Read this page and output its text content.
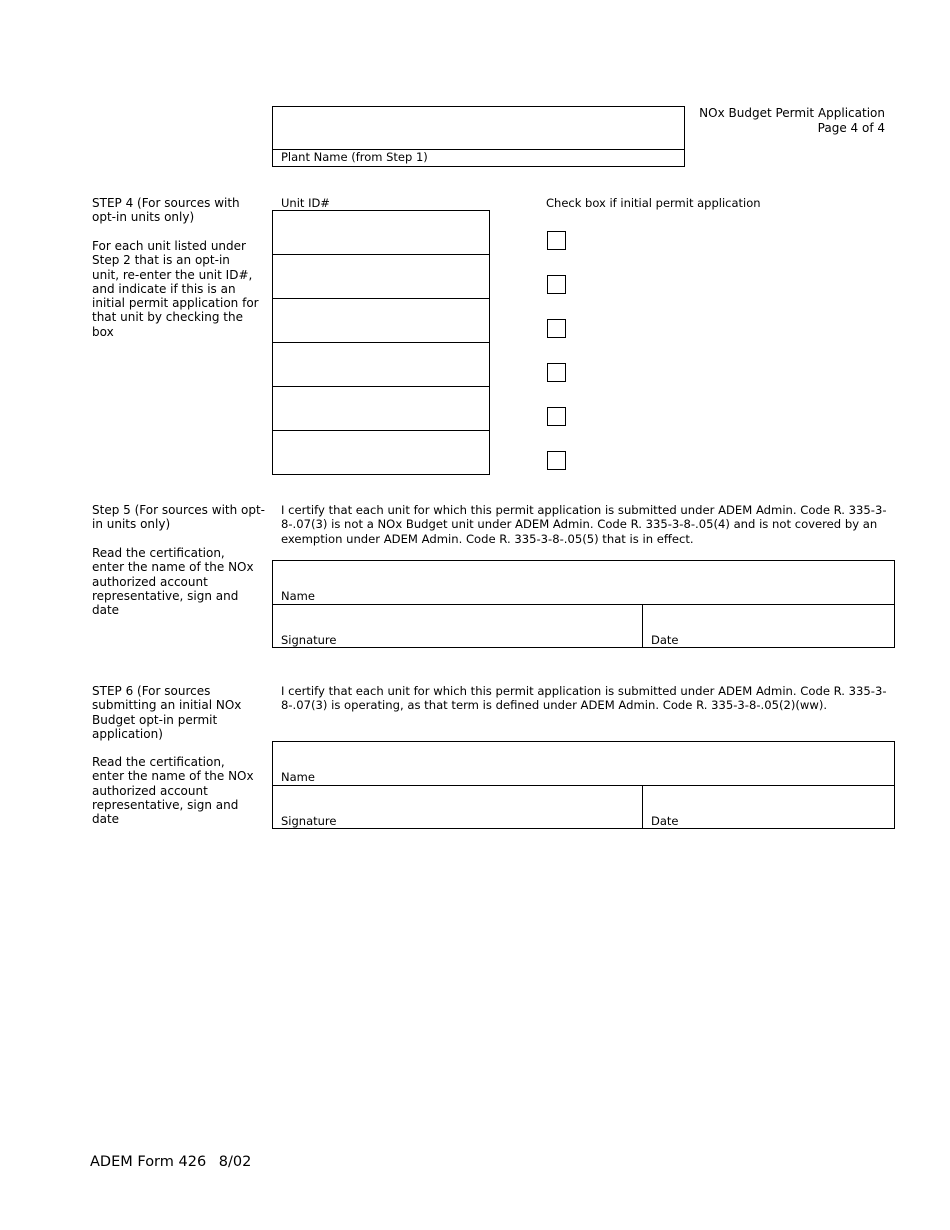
NOx Budget Permit Application
Page 4 of 4
Plant Name (from Step 1)
STEP 4 (For sources with opt-in units only)
For each unit listed under Step 2 that is an opt-in unit, re-enter the unit ID#, and indicate if this is an initial permit application for that unit by checking the box
Unit ID#	Check box if initial permit application
Step 5 (For sources with opt-in units only)
Read the certification, enter the name of the NOx authorized account representative, sign and date
I certify that each unit for which this permit application is submitted under ADEM Admin. Code R. 335-3-8-.07(3) is not a NOx Budget unit under ADEM Admin. Code R. 335-3-8-.05(4) and is not covered by an exemption under ADEM Admin. Code R. 335-3-8-.05(5) that is in effect.
Name
Signature	Date
STEP 6 (For sources submitting an initial NOx Budget opt-in permit application)
Read the certification, enter the name of the NOx authorized account representative, sign and date
I certify that each unit for which this permit application is submitted under ADEM Admin. Code R. 335-3-8-.07(3) is operating, as that term is defined under ADEM Admin. Code R. 335-3-8-.05(2)(ww).
Name
Signature	Date
ADEM Form 426 8/02
